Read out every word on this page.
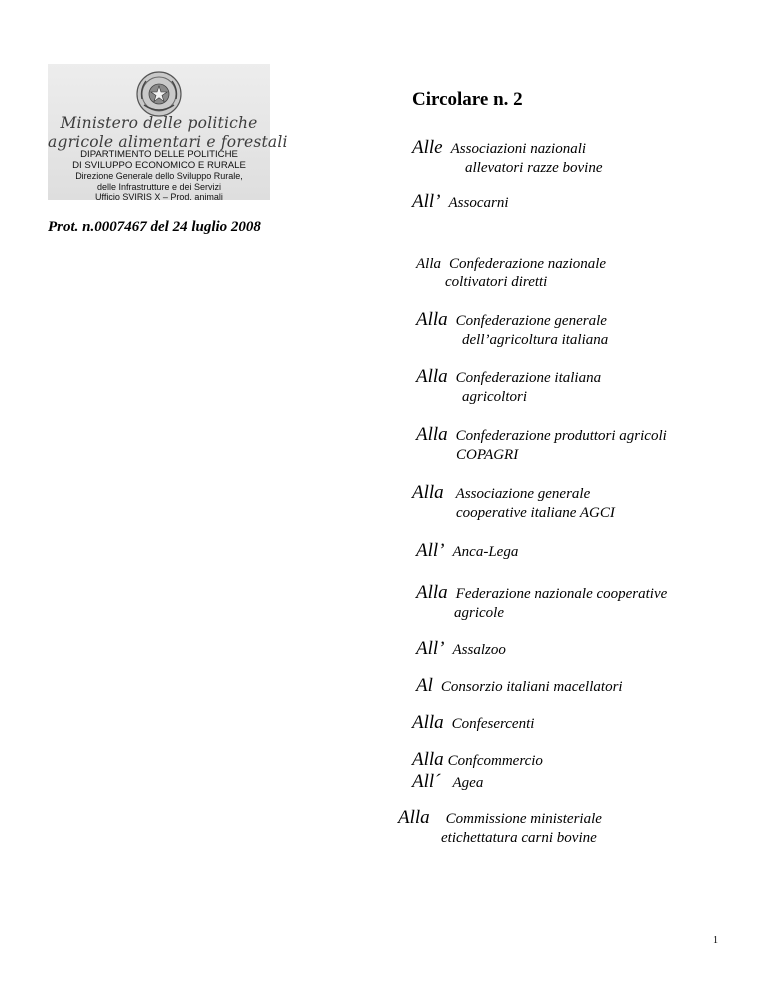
Ministero delle politiche
agricole alimentari e forestali
DIPARTIMENTO DELLE POLITICHE
DI SVILUPPO ECONOMICO E RURALE
Direzione Generale dello Sviluppo Rurale,
delle Infrastrutture e dei Servizi
Ufficio SVIRIS X – Prod. animali
Prot. n.0007467 del 24 luglio 2008
Circolare n. 2
Alle Associazioni nazionali
allevatori razze bovine
All’ Assocarni
Alla Confederazione nazionale
coltivatori diretti
Alla Confederazione generale
dell’agricoltura italiana
Alla Confederazione italiana
agricoltori
Alla Confederazione produttori agricoli
COPAGRI
Alla Associazione generale
cooperative italiane AGCI
All’ Anca-Lega
Alla Federazione nazionale cooperative
agricole
All’ Assalzoo
Al Consorzio italiani macellatori
Alla Confesercenti
Alla Confcommercio
All´ Agea
Alla Commissione ministeriale
etichettatura carni bovine
1
